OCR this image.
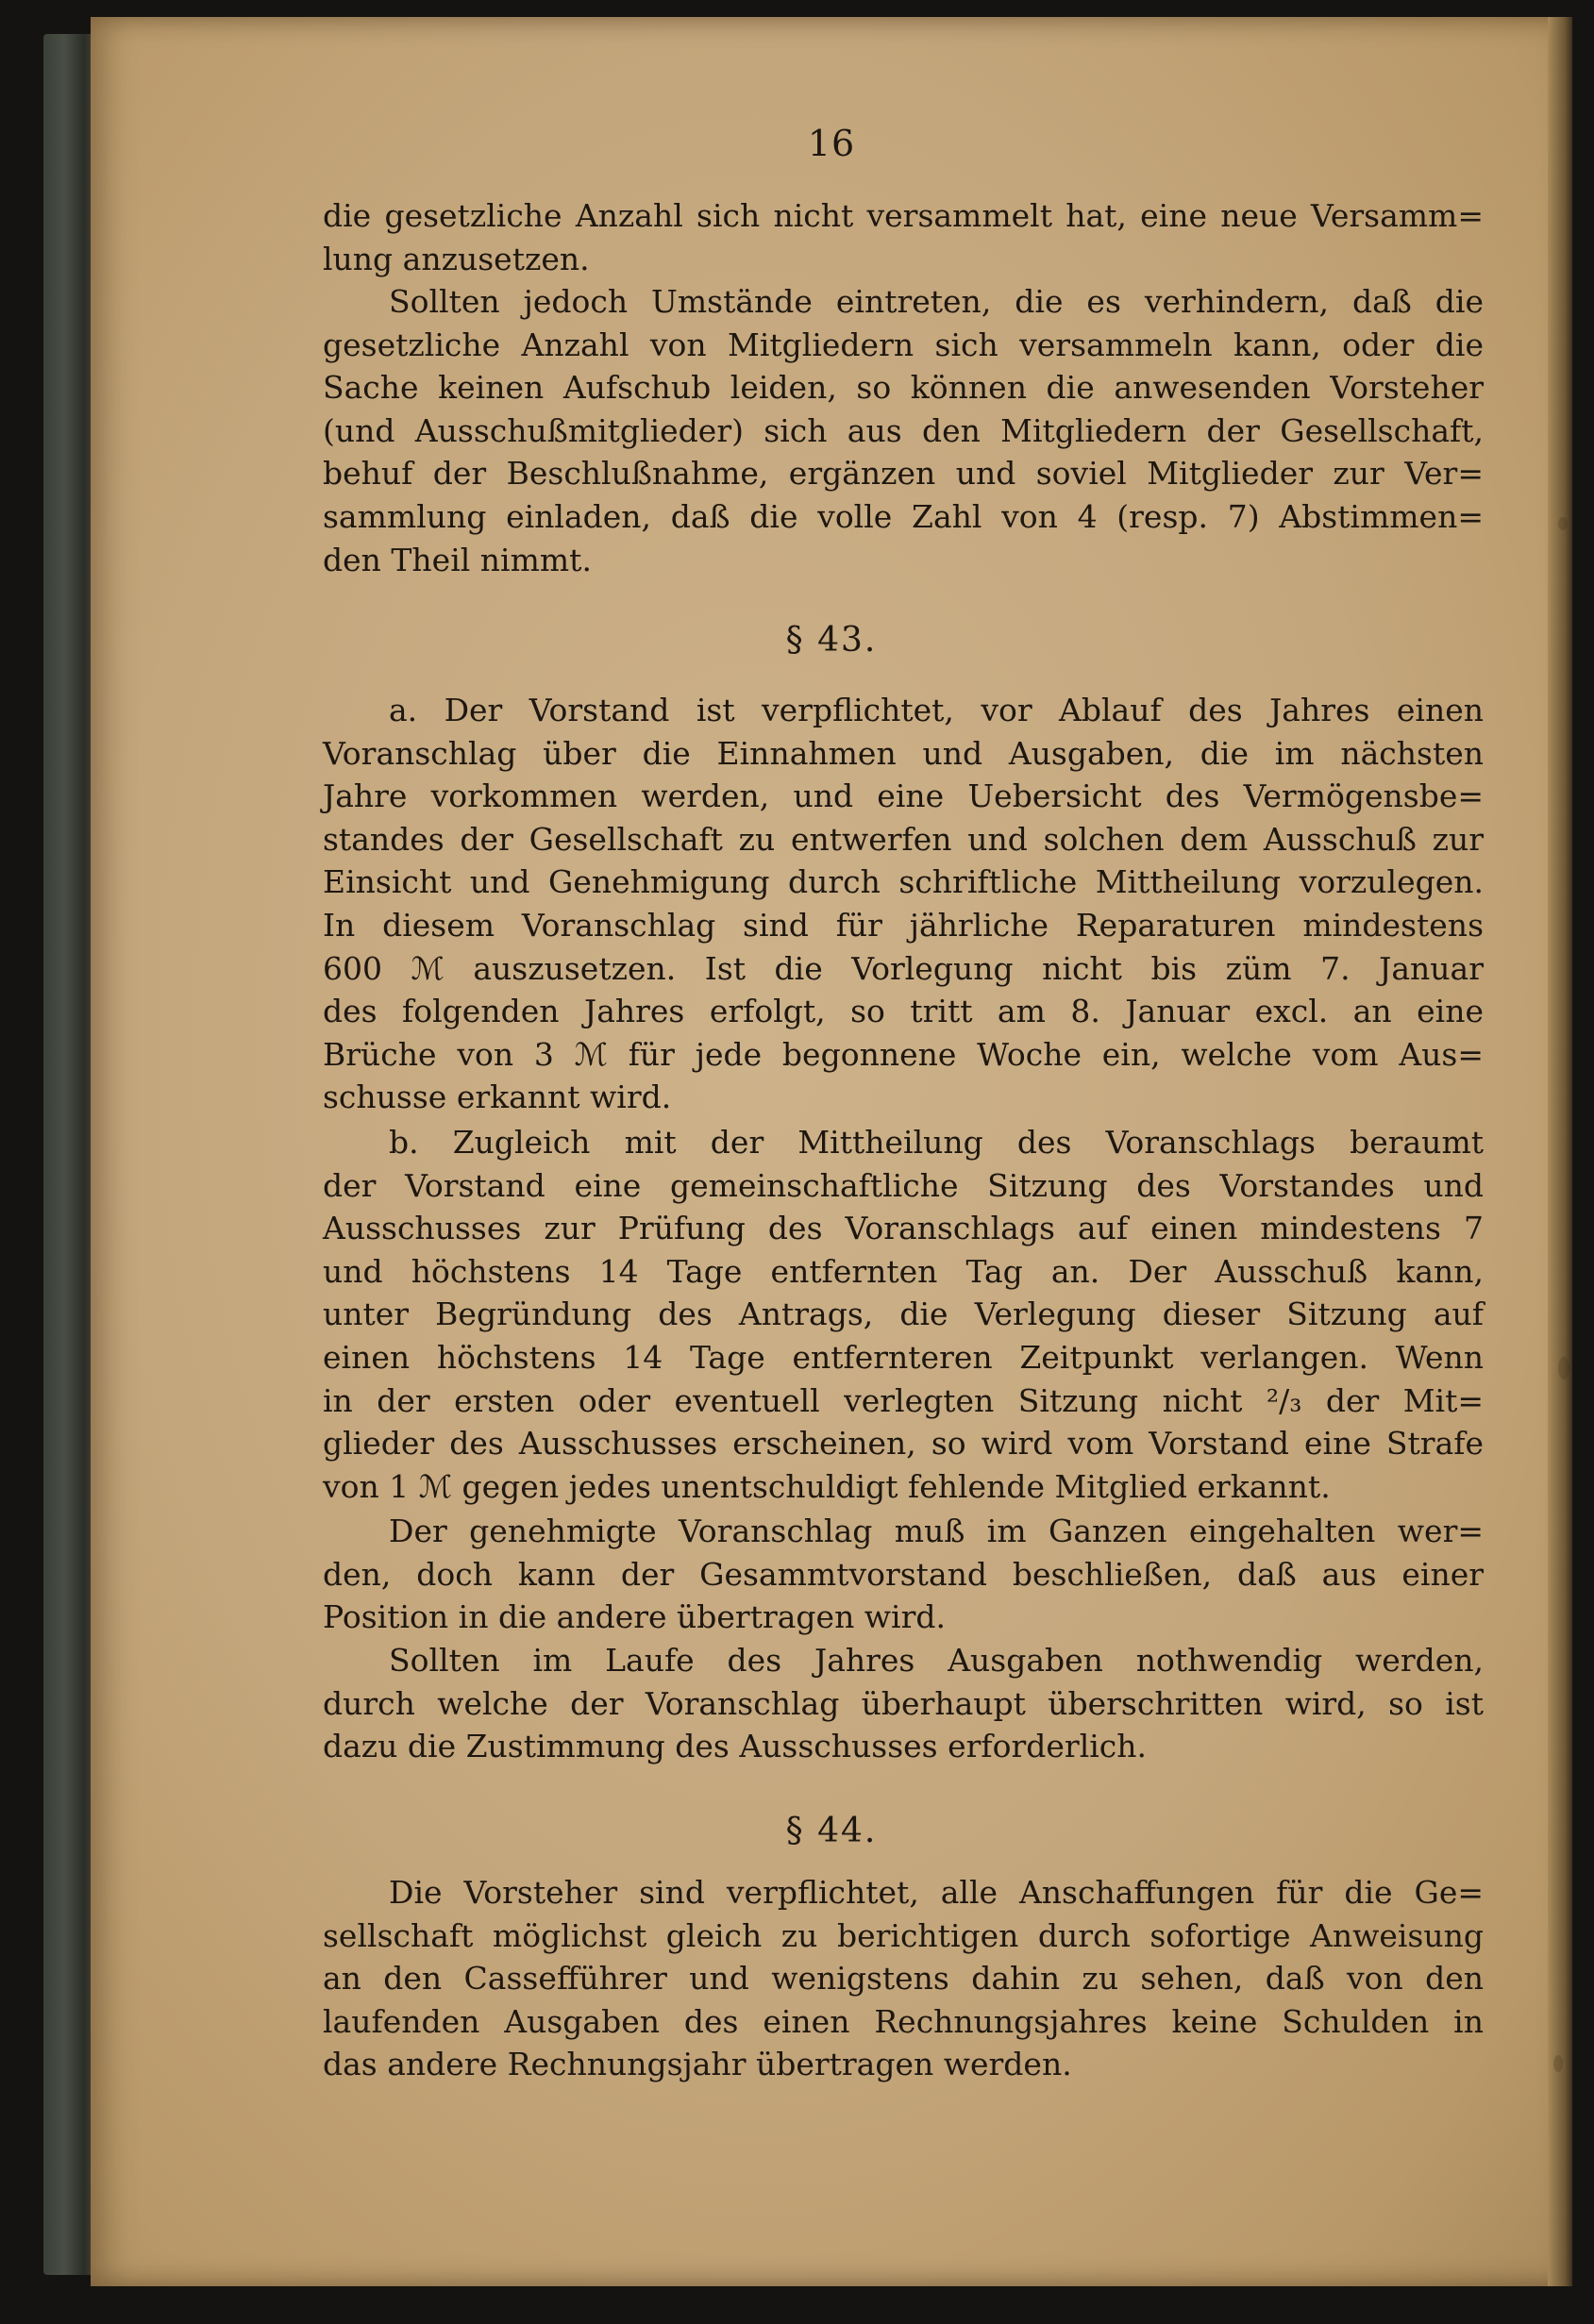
16
die gesetzliche Anzahl sich nicht versammelt hat, eine neue Versamm=
lung anzusetzen.
Sollten jedoch Umstände eintreten, die es verhindern, daß die
gesetzliche Anzahl von Mitgliedern sich versammeln kann, oder die
Sache keinen Aufschub leiden, so können die anwesenden Vorsteher
(und Ausschußmitglieder) sich aus den Mitgliedern der Gesellschaft,
behuf der Beschlußnahme, ergänzen und soviel Mitglieder zur Ver=
sammlung einladen, daß die volle Zahl von 4 (resp. 7) Abstimmen=
den Theil nimmt.
§ 43.
a. Der Vorstand ist verpflichtet, vor Ablauf des Jahres einen
Voranschlag über die Einnahmen und Ausgaben, die im nächsten
Jahre vorkommen werden, und eine Uebersicht des Vermögensbe=
standes der Gesellschaft zu entwerfen und solchen dem Ausschuß zur
Einsicht und Genehmigung durch schriftliche Mittheilung vorzulegen.
In diesem Voranschlag sind für jährliche Reparaturen mindestens
600 ℳ auszusetzen. Ist die Vorlegung nicht bis züm 7. Januar
des folgenden Jahres erfolgt, so tritt am 8. Januar excl. an eine
Brüche von 3 ℳ für jede begonnene Woche ein, welche vom Aus=
schusse erkannt wird.
b. Zugleich mit der Mittheilung des Voranschlags beraumt
der Vorstand eine gemeinschaftliche Sitzung des Vorstandes und
Ausschusses zur Prüfung des Voranschlags auf einen mindestens 7
und höchstens 14 Tage entfernten Tag an. Der Ausschuß kann,
unter Begründung des Antrags, die Verlegung dieser Sitzung auf
einen höchstens 14 Tage entfernteren Zeitpunkt verlangen. Wenn
in der ersten oder eventuell verlegten Sitzung nicht ²/₃ der Mit=
glieder des Ausschusses erscheinen, so wird vom Vorstand eine Strafe
von 1 ℳ gegen jedes unentschuldigt fehlende Mitglied erkannt.
Der genehmigte Voranschlag muß im Ganzen eingehalten wer=
den, doch kann der Gesammtvorstand beschließen, daß aus einer
Position in die andere übertragen wird.
Sollten im Laufe des Jahres Ausgaben nothwendig werden,
durch welche der Voranschlag überhaupt überschritten wird, so ist
dazu die Zustimmung des Ausschusses erforderlich.
§ 44.
Die Vorsteher sind verpflichtet, alle Anschaffungen für die Ge=
sellschaft möglichst gleich zu berichtigen durch sofortige Anweisung
an den Cassefführer und wenigstens dahin zu sehen, daß von den
laufenden Ausgaben des einen Rechnungsjahres keine Schulden in
das andere Rechnungsjahr übertragen werden.
